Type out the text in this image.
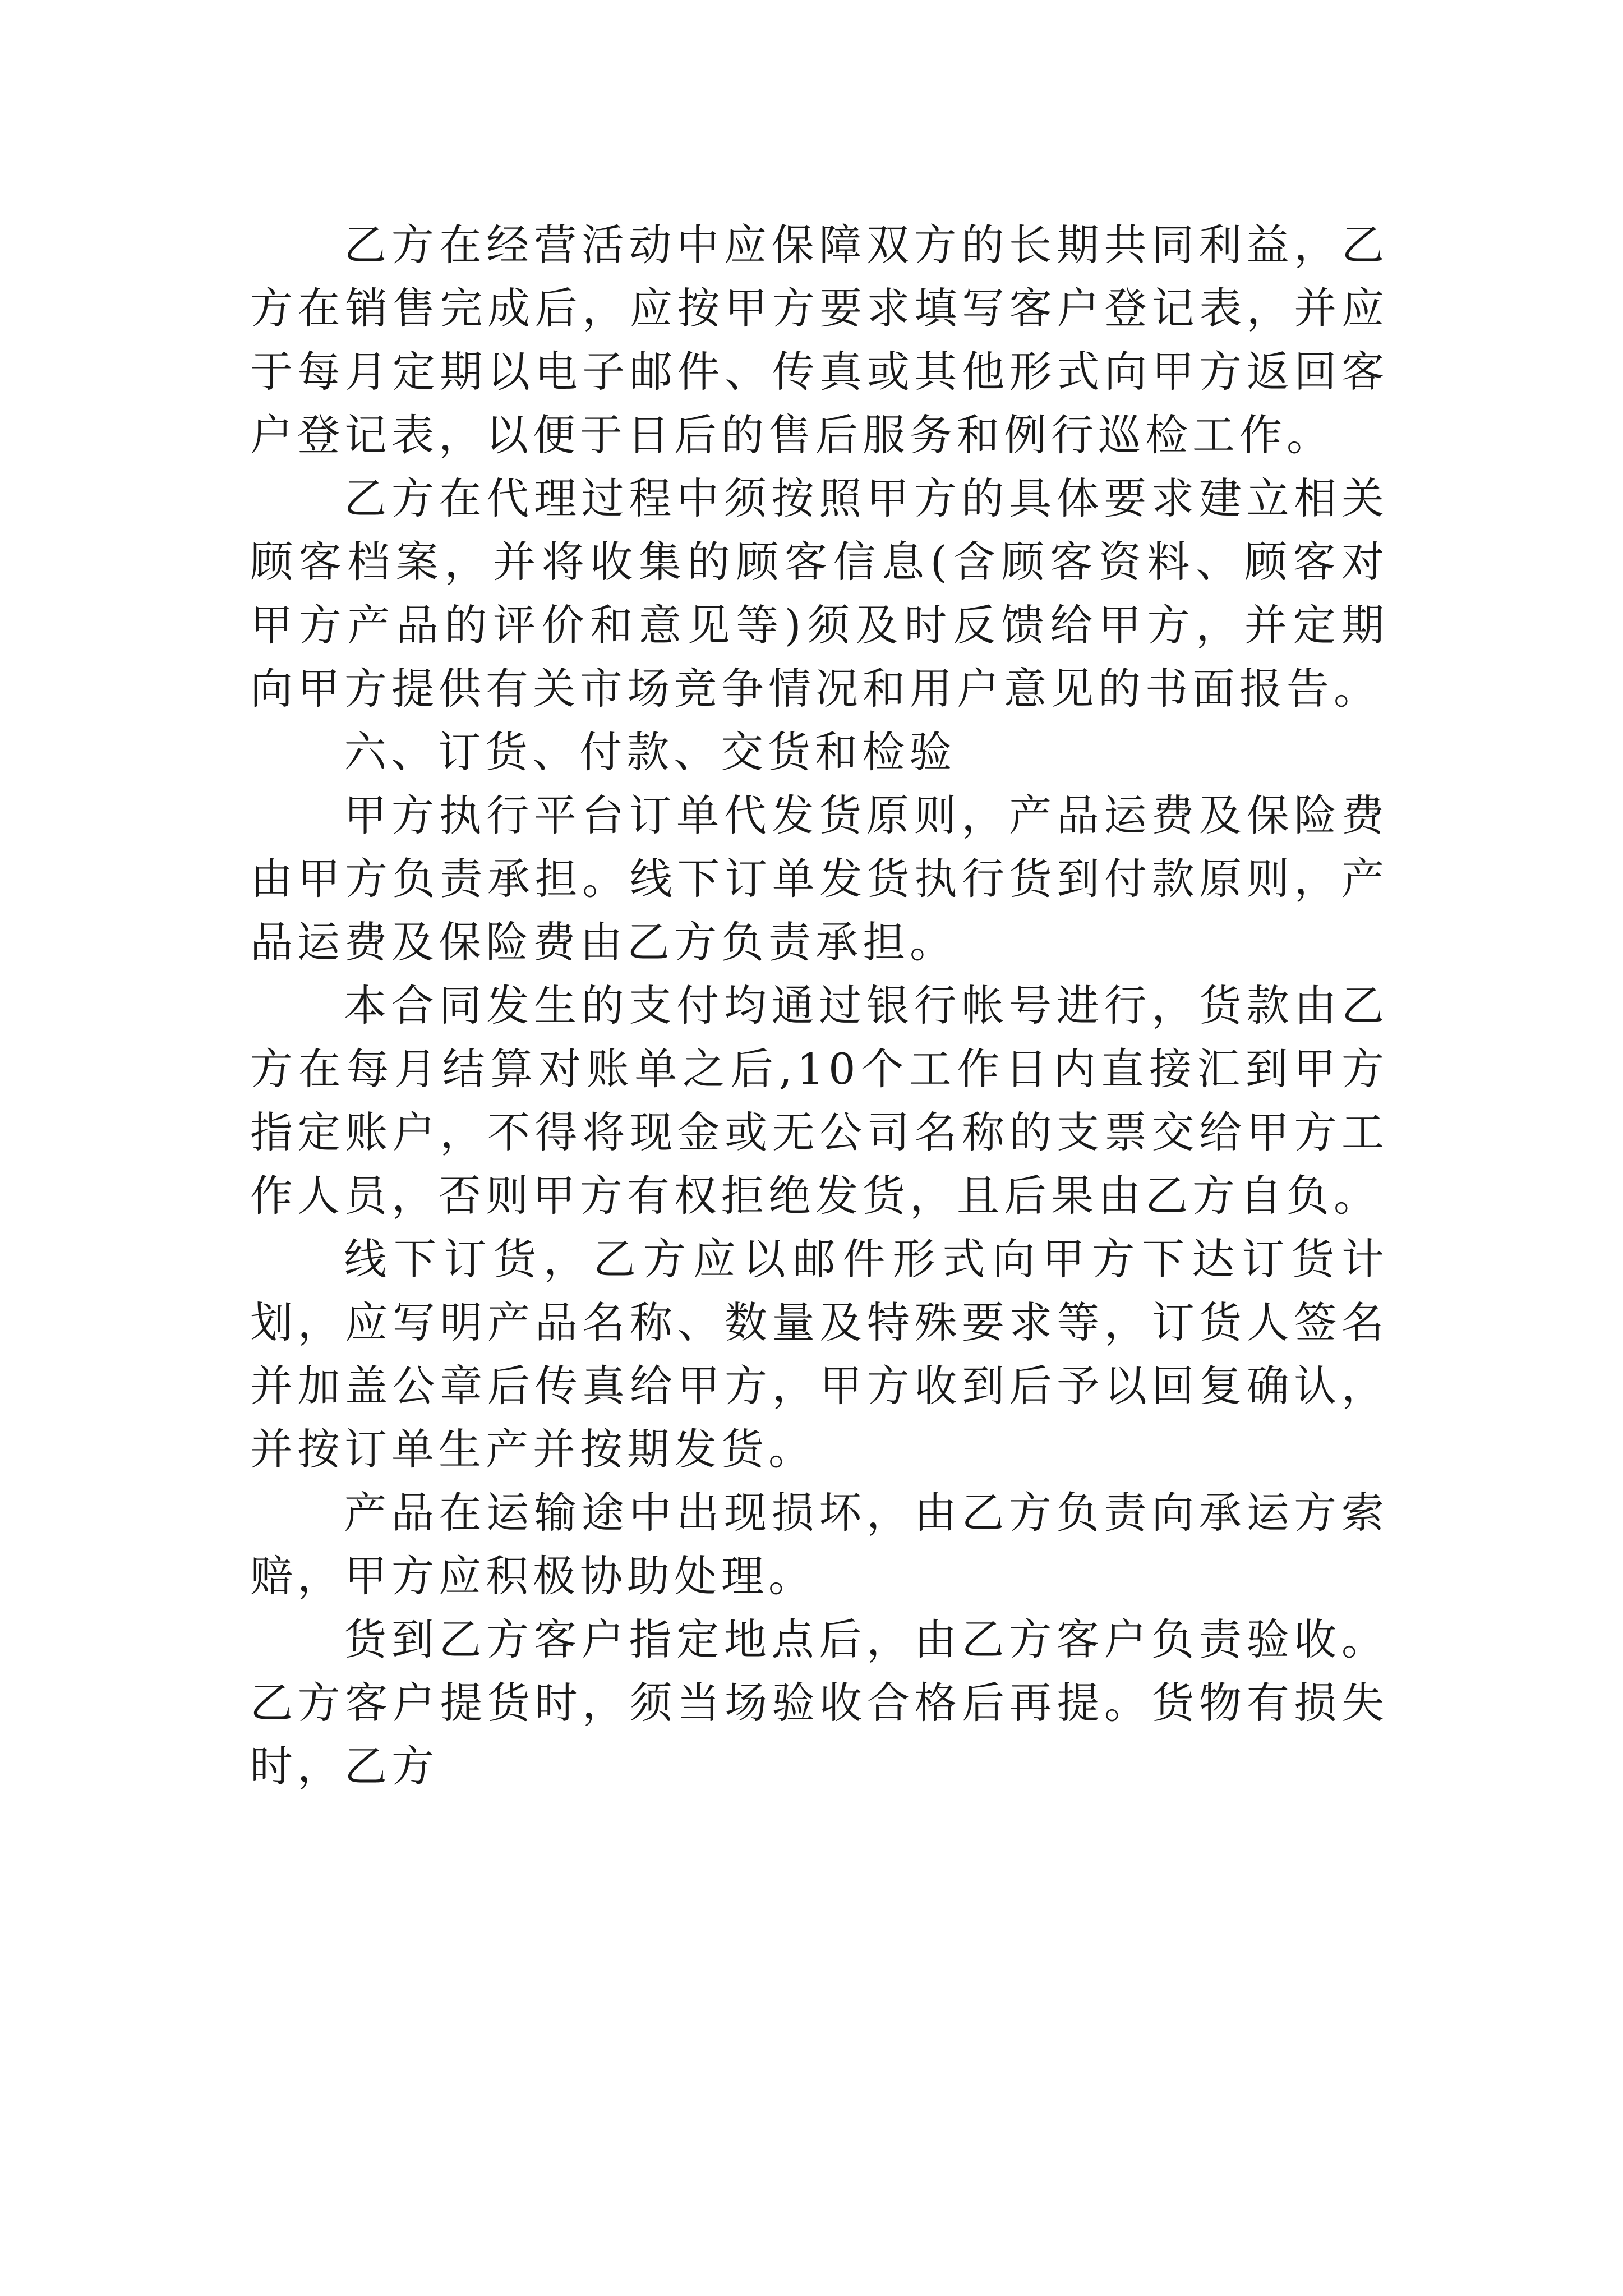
乙方在经营活动中应保障双方的长期共同利益，乙方在销售完成后，应按甲方要求填写客户登记表，并应于每月定期以电子邮件、传真或其他形式向甲方返回客户登记表，以便于日后的售后服务和例行巡检工作。

乙方在代理过程中须按照甲方的具体要求建立相关顾客档案，并将收集的顾客信息(含顾客资料、顾客对甲方产品的评价和意见等)须及时反馈给甲方，并定期向甲方提供有关市场竞争情况和用户意见的书面报告。

六、订货、付款、交货和检验

甲方执行平台订单代发货原则，产品运费及保险费由甲方负责承担。线下订单发货执行货到付款原则，产品运费及保险费由乙方负责承担。

本合同发生的支付均通过银行帐号进行，货款由乙方在每月结算对账单之后,10个工作日内直接汇到甲方指定账户，不得将现金或无公司名称的支票交给甲方工作人员，否则甲方有权拒绝发货，且后果由乙方自负。

线下订货，乙方应以邮件形式向甲方下达订货计划，应写明产品名称、数量及特殊要求等，订货人签名并加盖公章后传真给甲方，甲方收到后予以回复确认，并按订单生产并按期发货。

产品在运输途中出现损坏，由乙方负责向承运方索赔，甲方应积极协助处理。

货到乙方客户指定地点后，由乙方客户负责验收。乙方客户提货时，须当场验收合格后再提。货物有损失时，乙方
